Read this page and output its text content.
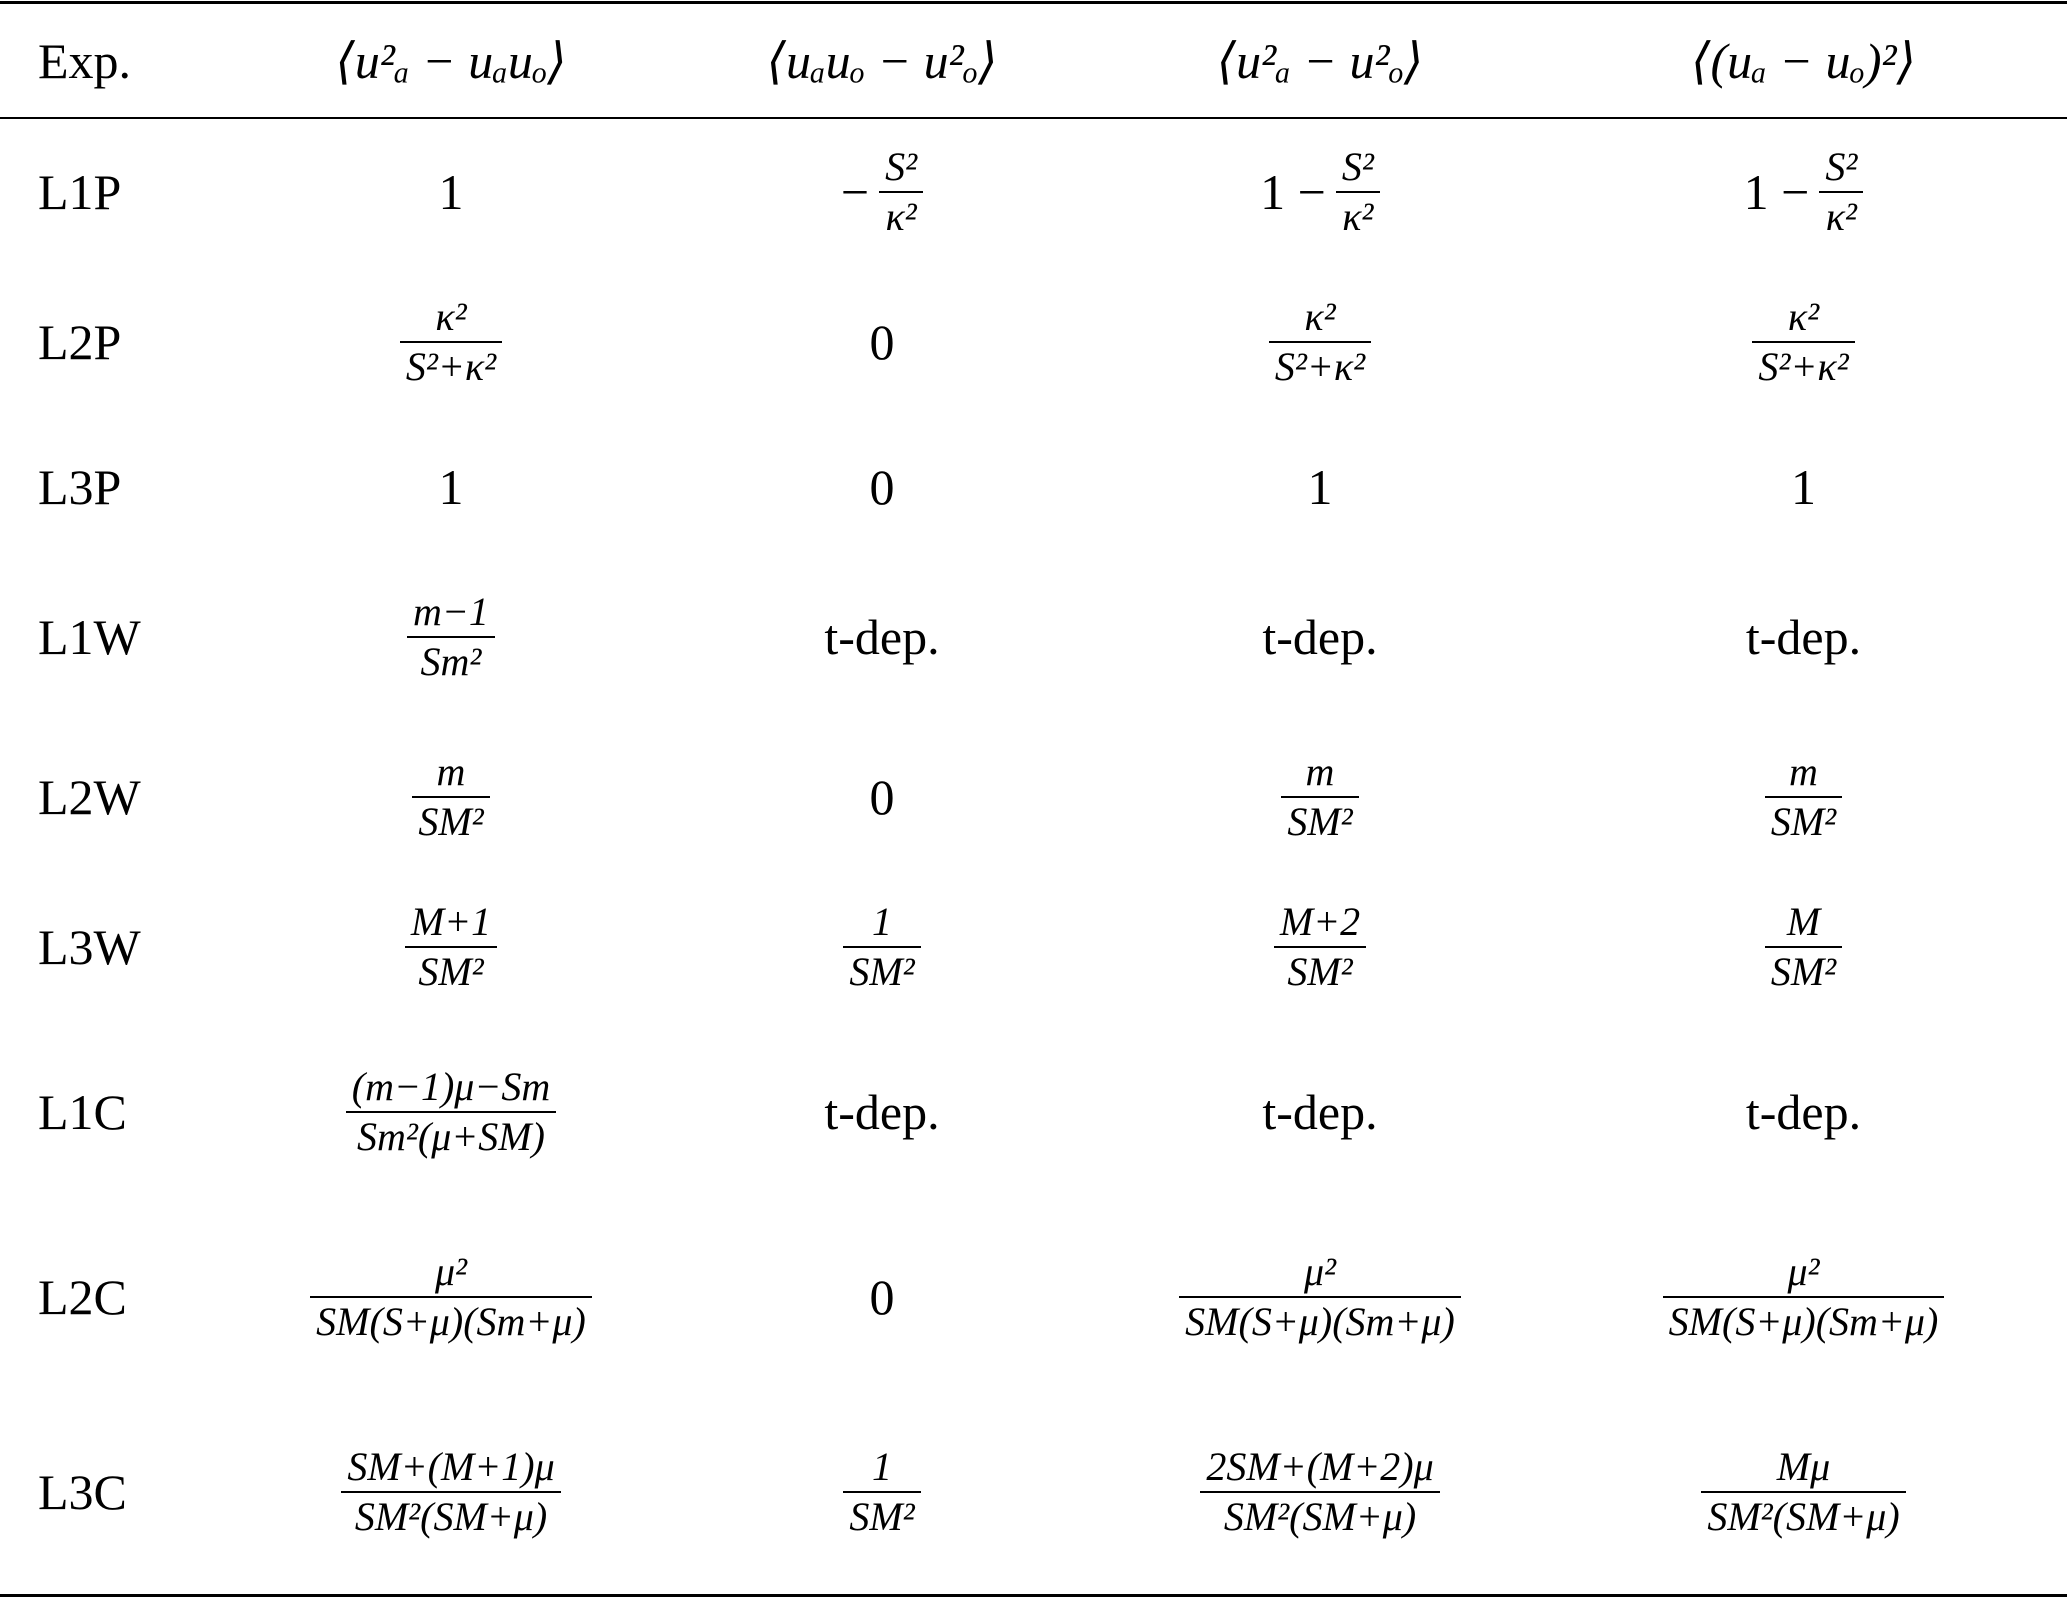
Exp.	⟨u²ₐ − uₐuₒ⟩	⟨uₐuₒ − u²ₒ⟩	⟨u²ₐ − u²ₒ⟩	⟨(uₐ − uₒ)²⟩
L1P	1	− $\frac{\text{S²}}{\text{κ²}}$	$1 - \frac{\text{S²}}{\text{κ²}}$	$1 - \frac{\text{S²}}{\text{κ²}}$
L2P	$\frac{\text{κ²}}{\text{S²+κ²}}$	0	$\frac{\text{κ²}}{\text{S²+κ²}}$	$\frac{\text{κ²}}{\text{S²+κ²}}$
L3P	1	0	1	1
L1W	$\frac{m-1}{\text{Sm²}}$	t-dep.	t-dep.	t-dep.
L2W	$\frac{m}{\text{SM²}}$	0	$\frac{m}{\text{SM²}}$	$\frac{m}{\text{SM²}}$
L3W	$\frac{M+1}{\text{SM²}}$	$\frac{1}{\text{SM²}}$	$\frac{M+2}{\text{SM²}}$	$\frac{M}{\text{SM²}}$
L1C	$\frac{(m-1)\mu-Sm}{\text{Sm²(μ+SM)}}$	t-dep.	t-dep.	t-dep.
L2C	$\frac{\text{μ²}}{SM(S+\mu)(Sm+\mu)}$	0	$\frac{\text{μ²}}{SM(S+\mu)(Sm+\mu)}$	$\frac{\text{μ²}}{SM(S+\mu)(Sm+\mu)}$
L3C	$\frac{SM+(M+1)\mu}{\text{SM²(SM+μ)}}$	$\frac{1}{\text{SM²}}$	$\frac{2SM+(M+2)\mu}{\text{SM²(SM+μ)}}$	$\frac{M\mu}{\text{SM²(SM+μ)}}$
